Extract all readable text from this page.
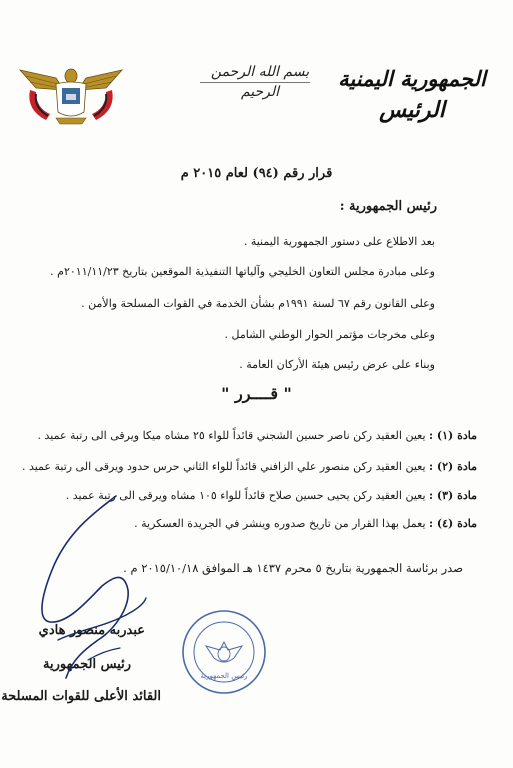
الجمهورية اليمنية
الرئيس
بسم الله الرحمن الرحيم
قرار رقم (٩٤) لعام ٢٠١٥ م
رئيس الجمهورية :
بعد الاطلاع على دستور الجمهورية اليمنية .
وعلى مبادرة مجلس التعاون الخليجي وآلياتها التنفيذية الموقعين بتاريخ ٢٠١١/١١/٢٣م .
وعلى القانون رقم ٦٧ لسنة ١٩٩١م بشأن الخدمة في القوات المسلحة والأمن .
وعلى مخرجات مؤتمر الحوار الوطني الشامل .
وبناء على عرض رئيس هيئة الأركان العامة .
" قــــرر "
مادة (١) : يعين العقيد ركن ناصر حسين الشجني قائداً للواء ٢٥ مشاه ميكا ويرقى الى رتبة عميد .
مادة (٢) : يعين العقيد ركن منصور علي الزافني قائداً للواء الثاني حرس حدود ويرقى الى رتبة عميد .
مادة (٣) : يعين العقيد ركن يحيى حسين صلاح قائداً للواء ١٠٥ مشاه ويرقى الى رتبة عميد .
مادة (٤) : يعمل بهذا القرار من تاريخ صدوره وينشر في الجريدة العسكرية .
صدر برئاسة الجمهورية بتاريخ ٥ محرم ١٤٣٧ هـ الموافق ٢٠١٥/١٠/١٨ م .
رئيس الجمهورية
عبدربه منصور هادي
رئيس الجمهورية
القائد الأعلى للقوات المسلحة
